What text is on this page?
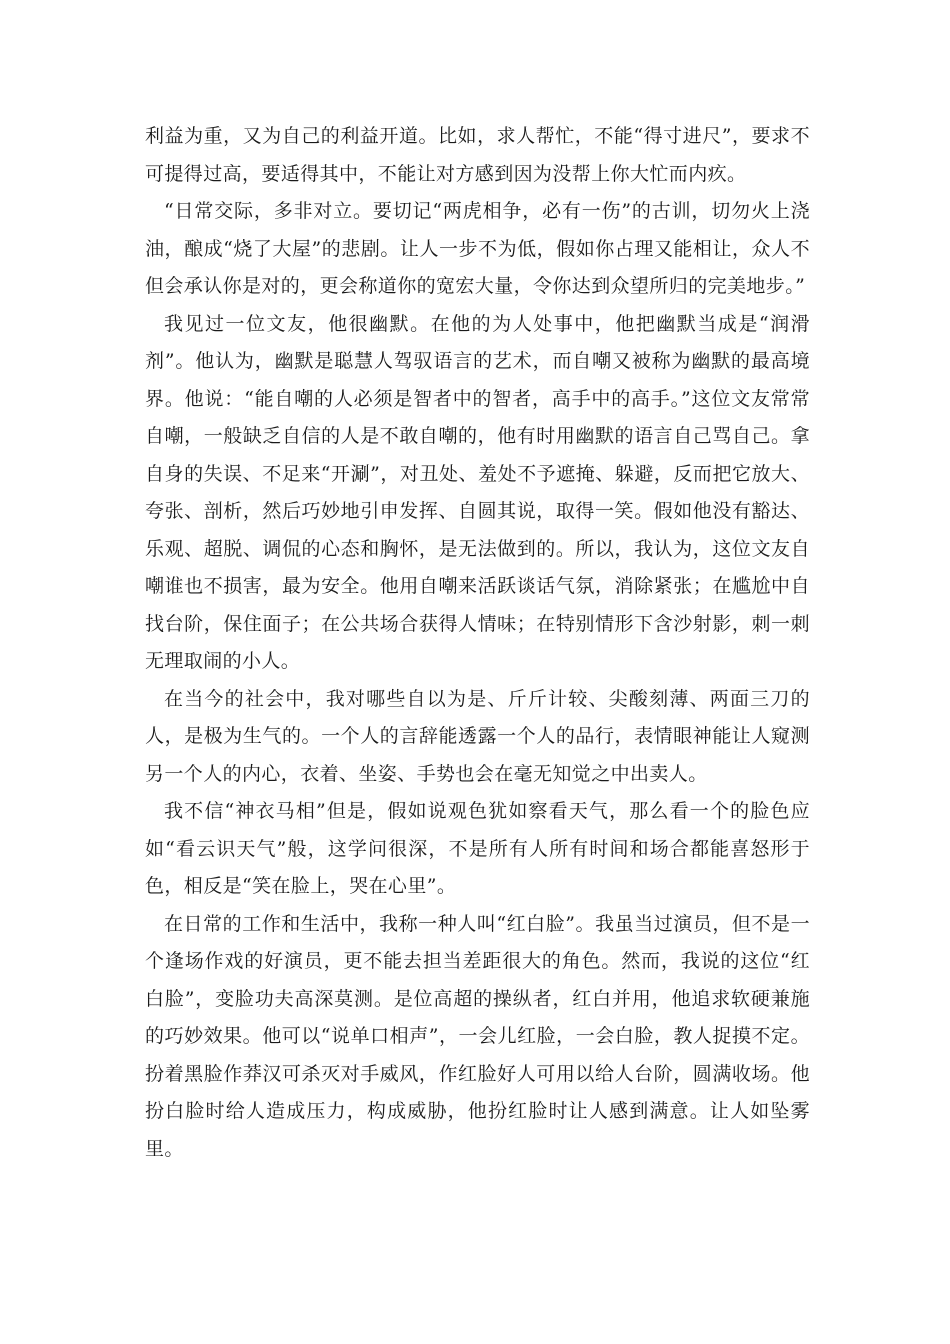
利益为重，又为自己的利益开道。比如，求人帮忙，不能“得寸进尺”，要求不可提得过高，要适得其中，不能让对方感到因为没帮上你大忙而内疚。

“日常交际，多非对立。要切记“两虎相争，必有一伤”的古训，切勿火上浇油，酿成“烧了大屋”的悲剧。让人一步不为低，假如你占理又能相让，众人不但会承认你是对的，更会称道你的宽宏大量，令你达到众望所归的完美地步。”

我见过一位文友，他很幽默。在他的为人处事中，他把幽默当成是“润滑剂”。他认为，幽默是聪慧人驾驭语言的艺术，而自嘲又被称为幽默的最高境界。他说：“能自嘲的人必须是智者中的智者，高手中的高手。”这位文友常常自嘲，一般缺乏自信的人是不敢自嘲的，他有时用幽默的语言自己骂自己。拿自身的失误、不足来“开涮”，对丑处、羞处不予遮掩、躲避，反而把它放大、夸张、剖析，然后巧妙地引申发挥、自圆其说，取得一笑。假如他没有豁达、乐观、超脱、调侃的心态和胸怀，是无法做到的。所以，我认为，这位文友自嘲谁也不损害，最为安全。他用自嘲来活跃谈话气氛，消除紧张；在尴尬中自找台阶，保住面子；在公共场合获得人情味；在特别情形下含沙射影，刺一刺无理取闹的小人。

在当今的社会中，我对哪些自以为是、斤斤计较、尖酸刻薄、两面三刀的人，是极为生气的。一个人的言辞能透露一个人的品行，表情眼神能让人窥测另一个人的内心，衣着、坐姿、手势也会在毫无知觉之中出卖人。

我不信“神衣马相”但是，假如说观色犹如察看天气，那么看一个的脸色应如“看云识天气”般，这学问很深，不是所有人所有时间和场合都能喜怒形于色，相反是“笑在脸上，哭在心里”。

在日常的工作和生活中，我称一种人叫“红白脸”。我虽当过演员，但不是一个逢场作戏的好演员，更不能去担当差距很大的角色。然而，我说的这位“红白脸”，变脸功夫高深莫测。是位高超的操纵者，红白并用，他追求软硬兼施的巧妙效果。他可以“说单口相声”，一会儿红脸，一会白脸，教人捉摸不定。扮着黑脸作莽汉可杀灭对手威风，作红脸好人可用以给人台阶，圆满收场。他扮白脸时给人造成压力，构成威胁，他扮红脸时让人感到满意。让人如坠雾里。
